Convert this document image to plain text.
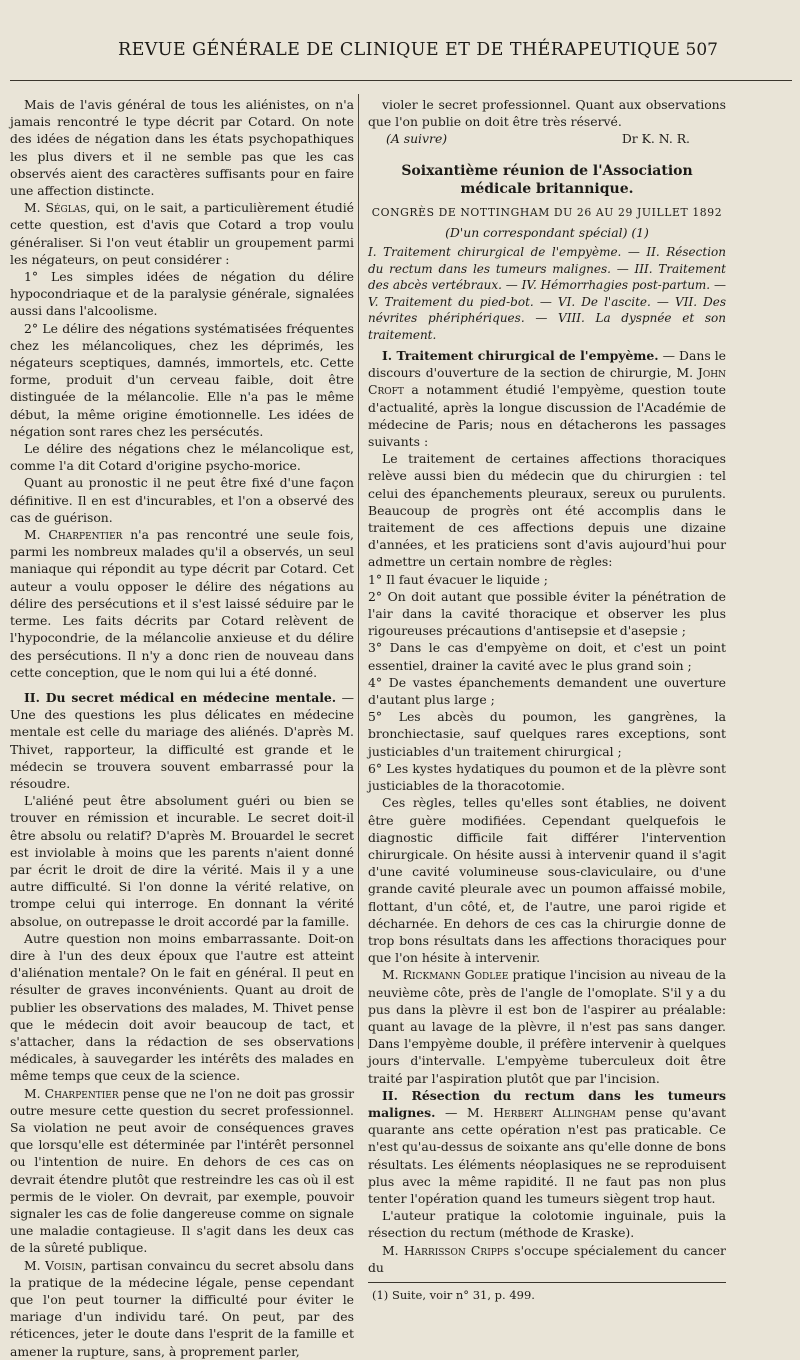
REVUE GÉNÉRALE DE CLINIQUE ET DE THÉRAPEUTIQUE 507

Mais de l'avis général de tous les aliénistes, on n'a jamais rencontré le type décrit par Cotard. On note des idées de négation dans les états psychopathiques les plus divers et il ne semble pas que les cas observés aient des caractères suffisants pour en faire une affection distincte.

M. Séglas, qui, on le sait, a particulièrement étudié cette question, est d'avis que Cotard a trop voulu généraliser. Si l'on veut établir un groupement parmi les négateurs, on peut considérer :

1° Les simples idées de négation du délire hypocondriaque et de la paralysie générale, signalées aussi dans l'alcoolisme.

2° Le délire des négations systématisées fréquentes chez les mélancoliques, chez les déprimés, les négateurs sceptiques, damnés, immortels, etc. Cette forme, produit d'un cerveau faible, doit être distinguée de la mélancolie. Elle n'a pas le même début, la même origine émotionnelle. Les idées de négation sont rares chez les persécutés.

Le délire des négations chez le mélancolique est, comme l'a dit Cotard d'origine psycho-morice.

Quant au pronostic il ne peut être fixé d'une façon définitive. Il en est d'incurables, et l'on a observé des cas de guérison.

M. Charpentier n'a pas rencontré une seule fois, parmi les nombreux malades qu'il a observés, un seul maniaque qui répondit au type décrit par Cotard. Cet auteur a voulu opposer le délire des négations au délire des persécutions et il s'est laissé séduire par le terme. Les faits décrits par Cotard relèvent de l'hypocondrie, de la mélancolie anxieuse et du délire des persécutions. Il n'y a donc rien de nouveau dans cette conception, que le nom qui lui a été donné.

II. Du secret médical en médecine mentale. — Une des questions les plus délicates en médecine mentale est celle du mariage des aliénés. D'après M. Thivet, rapporteur, la difficulté est grande et le médecin se trouvera souvent embarrassé pour la résoudre.

L'aliéné peut être absolument guéri ou bien se trouver en rémission et incurable. Le secret doit-il être absolu ou relatif? D'après M. Brouardel le secret est inviolable à moins que les parents n'aient donné par écrit le droit de dire la vérité. Mais il y a une autre difficulté. Si l'on donne la vérité relative, on trompe celui qui interroge. En donnant la vérité absolue, on outrepasse le droit accordé par la famille.

Autre question non moins embarrassante. Doit-on dire à l'un des deux époux que l'autre est atteint d'aliénation mentale? On le fait en général. Il peut en résulter de graves inconvénients. Quant au droit de publier les observations des malades, M. Thivet pense que le médecin doit avoir beaucoup de tact, et s'attacher, dans la rédaction de ses observations médicales, à sauvegarder les intérêts des malades en même temps que ceux de la science.

M. Charpentier pense que ne l'on ne doit pas grossir outre mesure cette question du secret professionnel. Sa violation ne peut avoir de conséquences graves que lorsqu'elle est déterminée par l'intérêt personnel ou l'intention de nuire. En dehors de ces cas on devrait étendre plutôt que restreindre les cas où il est permis de le violer. On devrait, par exemple, pouvoir signaler les cas de folie dangereuse comme on signale une maladie contagieuse. Il s'agit dans les deux cas de la sûreté publique.

M. Voisin, partisan convaincu du secret absolu dans la pratique de la médecine légale, pense cependant que l'on peut tourner la difficulté pour éviter le mariage d'un individu taré. On peut, par des réticences, jeter le doute dans l'esprit de la famille et amener la rupture, sans, à proprement parler,

violer le secret professionnel. Quant aux observations que l'on publie on doit être très réservé.

(A suivre)	Dr K. N. R.
Soixantième réunion de l'Association médicale britannique.
CONGRÈS DE NOTTINGHAM DU 26 AU 29 JUILLET 1892
(D'un correspondant spécial) (1)
I. Traitement chirurgical de l'empyème. — II. Résection du rectum dans les tumeurs malignes. — III. Traitement des abcès vertébraux. — IV. Hémorrhagies post-partum. — V. Traitement du pied-bot. — VI. De l'ascite. — VII. Des névrites phériphériques. — VIII. La dyspnée et son traitement.

I. Traitement chirurgical de l'empyème. — Dans le discours d'ouverture de la section de chirurgie, M. John Croft a notamment étudié l'empyème, question toute d'actualité, après la longue discussion de l'Académie de médecine de Paris; nous en détacherons les passages suivants :

Le traitement de certaines affections thoraciques relève aussi bien du médecin que du chirurgien : tel celui des épanchements pleuraux, sereux ou purulents. Beaucoup de progrès ont été accomplis dans le traitement de ces affections depuis une dizaine d'années, et les praticiens sont d'avis aujourd'hui pour admettre un certain nombre de règles:

1° Il faut évacuer le liquide ;

2° On doit autant que possible éviter la pénétration de l'air dans la cavité thoracique et observer les plus rigoureuses précautions d'antisepsie et d'asepsie ;

3° Dans le cas d'empyème on doit, et c'est un point essentiel, drainer la cavité avec le plus grand soin ;

4° De vastes épanchements demandent une ouverture d'autant plus large ;

5° Les abcès du poumon, les gangrènes, la bronchiectasie, sauf quelques rares exceptions, sont justiciables d'un traitement chirurgical ;

6° Les kystes hydatiques du poumon et de la plèvre sont justiciables de la thoracotomie.

Ces règles, telles qu'elles sont établies, ne doivent être guère modifiées. Cependant quelquefois le diagnostic difficile fait différer l'intervention chirurgicale. On hésite aussi à intervenir quand il s'agit d'une cavité volumineuse sous-claviculaire, ou d'une grande cavité pleurale avec un poumon affaissé mobile, flottant, d'un côté, et, de l'autre, une paroi rigide et décharnée. En dehors de ces cas la chirurgie donne de trop bons résultats dans les affections thoraciques pour que l'on hésite à intervenir.

M. Rickmann Godlee pratique l'incision au niveau de la neuvième côte, près de l'angle de l'omoplate. S'il y a du pus dans la plèvre il est bon de l'aspirer au préalable: quant au lavage de la plèvre, il n'est pas sans danger. Dans l'empyème double, il préfère intervenir à quelques jours d'intervalle. L'empyème tuberculeux doit être traité par l'aspiration plutôt que par l'incision.

II. Résection du rectum dans les tumeurs malignes. — M. Herbert Allingham pense qu'avant quarante ans cette opération n'est pas praticable. Ce n'est qu'au-dessus de soixante ans qu'elle donne de bons résultats. Les éléments néoplasiques ne se reproduisent plus avec la même rapidité. Il ne faut pas non plus tenter l'opération quand les tumeurs siègent trop haut.

L'auteur pratique la colotomie inguinale, puis la résection du rectum (méthode de Kraske).

M. Harrisson Cripps s'occupe spécialement du cancer du

(1) Suite, voir n° 31, p. 499.
